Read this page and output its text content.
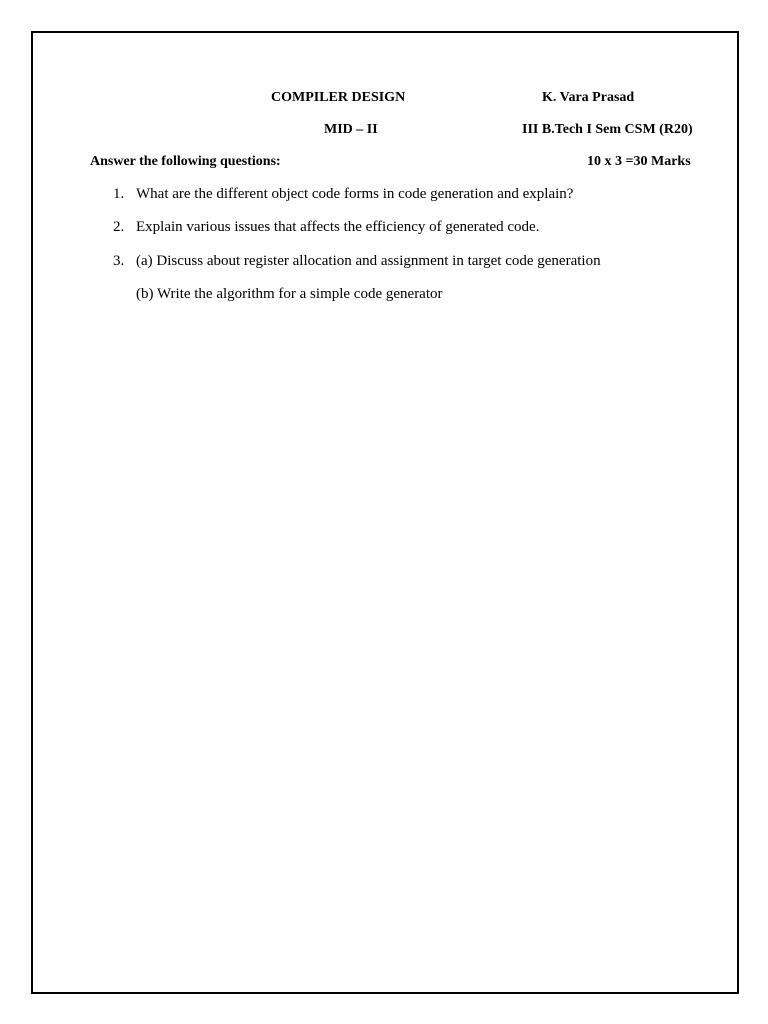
COMPILER DESIGN	K. Vara Prasad
MID – II	III B.Tech I Sem CSM (R20)
Answer the following questions:	10 x 3 =30 Marks
1. What are the different object code forms in code generation and explain?
2. Explain various issues that affects the efficiency of generated code.
3. (a) Discuss about register allocation and assignment in target code generation
(b) Write the algorithm for a simple code generator
